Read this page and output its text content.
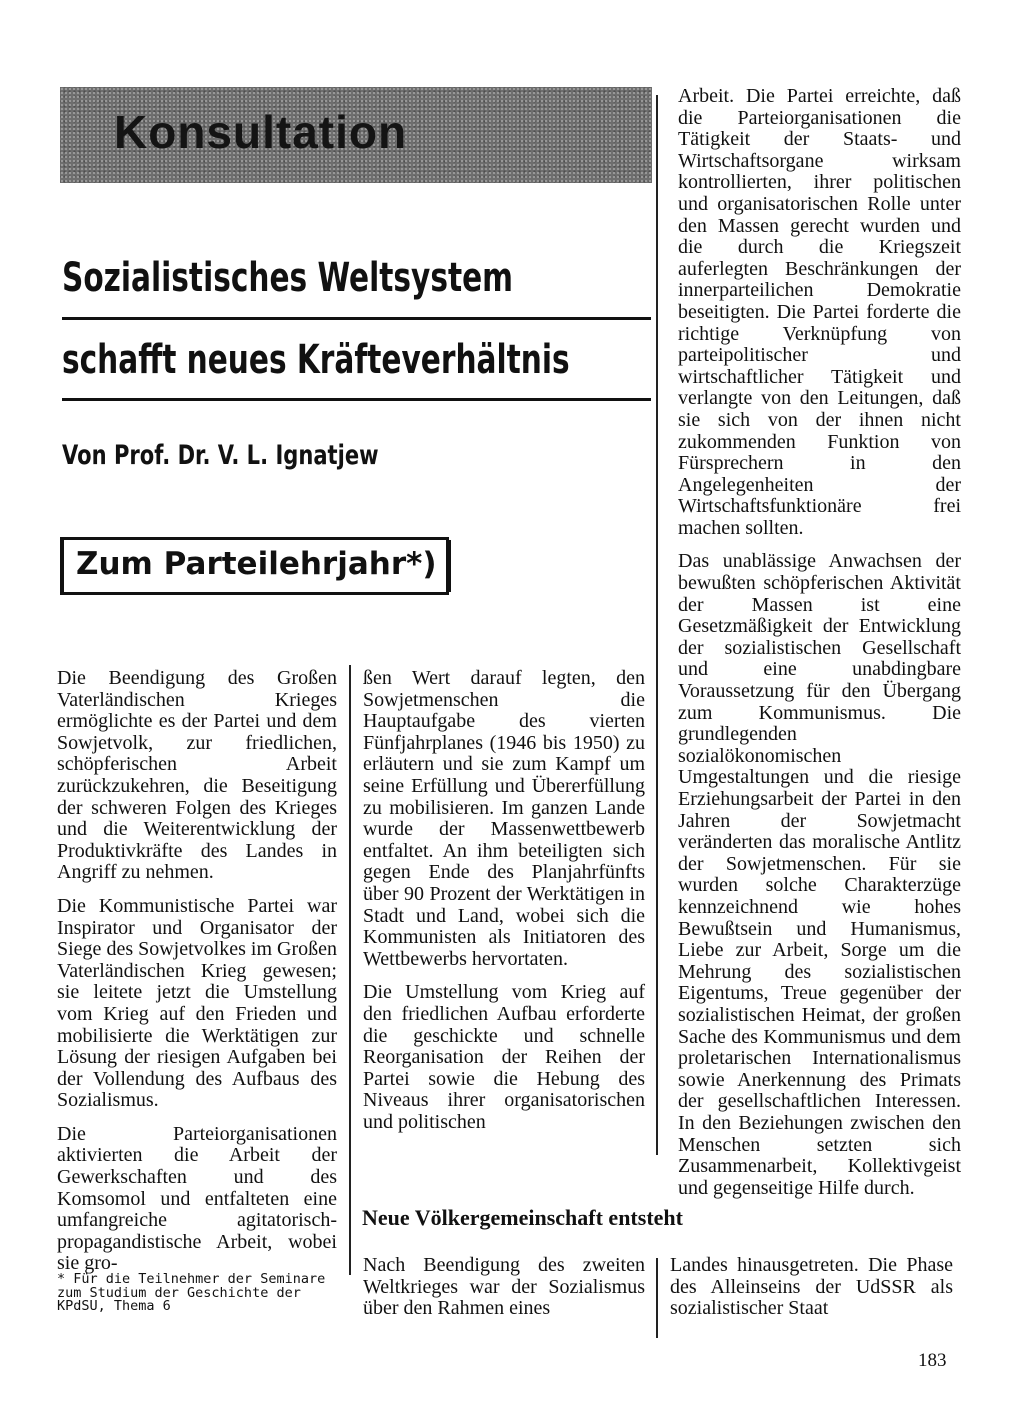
Konsultation
Sozialistisches Weltsystem
schafft neues Kräfteverhältnis
Von Prof. Dr. V. L. Ignatjew
Zum Parteilehrjahr*)

Die Beendigung des Großen Vaterländischen Krieges ermöglichte es der Partei und dem Sowjetvolk, zur friedlichen, schöpferischen Arbeit zurückzukehren, die Beseitigung der schweren Folgen des Krieges und die Weiterentwicklung der Produktivkräfte des Landes in Angriff zu nehmen.

Die Kommunistische Partei war Inspirator und Organisator der Siege des Sowjetvolkes im Großen Vaterländischen Krieg gewesen; sie leitete jetzt die Umstellung vom Krieg auf den Frieden und mobilisierte die Werktätigen zur Lösung der riesigen Aufgaben bei der Vollendung des Aufbaus des Sozialismus.

Die Parteiorganisationen aktivierten die Arbeit der Gewerkschaften und des Komsomol und entfalteten eine umfangreiche agitatorisch-propagandistische Arbeit, wobei sie gro-

ßen Wert darauf legten, den Sowjetmenschen die Hauptaufgabe des vierten Fünfjahrplanes (1946 bis 1950) zu erläutern und sie zum Kampf um seine Erfüllung und Übererfüllung zu mobilisieren. Im ganzen Lande wurde der Massenwettbewerb entfaltet. An ihm beteiligten sich gegen Ende des Planjahrfünfts über 90 Prozent der Werktätigen in Stadt und Land, wobei sich die Kommunisten als Initiatoren des Wettbewerbs hervortaten.

Die Umstellung vom Krieg auf den friedlichen Aufbau erforderte die geschickte und schnelle Reorganisation der Reihen der Partei sowie die Hebung des Niveaus ihrer organisatorischen und politischen

Arbeit. Die Partei erreichte, daß die Parteiorganisationen die Tätigkeit der Staats- und Wirtschaftsorgane wirksam kontrollierten, ihrer politischen und organisatorischen Rolle unter den Massen gerecht wurden und die durch die Kriegszeit auferlegten Beschränkungen der innerparteilichen Demokratie beseitigten. Die Partei forderte die richtige Verknüpfung von parteipolitischer und wirtschaftlicher Tätigkeit und verlangte von den Leitungen, daß sie sich von der ihnen nicht zukommenden Funktion von Fürsprechern in den Angelegenheiten der Wirtschaftsfunktionäre frei machen sollten.

Das unablässige Anwachsen der bewußten schöpferischen Aktivität der Massen ist eine Gesetzmäßigkeit der Entwicklung der sozialistischen Gesellschaft und eine unabdingbare Voraussetzung für den Übergang zum Kommunismus. Die grundlegenden sozialökonomischen Umgestaltungen und die riesige Erziehungsarbeit der Partei in den Jahren der Sowjetmacht veränderten das moralische Antlitz der Sowjetmenschen. Für sie wurden solche Charakterzüge kennzeichnend wie hohes Bewußtsein und Humanismus, Liebe zur Arbeit, Sorge um die Mehrung des sozialistischen Eigentums, Treue gegenüber der sozialistischen Heimat, der großen Sache des Kommunismus und dem proletarischen Internationalismus sowie Anerkennung des Primats der gesellschaftlichen Interessen. In den Beziehungen zwischen den Menschen setzten sich Zusammenarbeit, Kollektivgeist und gegenseitige Hilfe durch.

Neue Völkergemeinschaft entsteht

Nach Beendigung des zweiten Weltkrieges war der Sozialismus über den Rahmen eines

Landes hinausgetreten. Die Phase des Alleinseins der UdSSR als sozialistischer Staat

* Für die Teilnehmer der Seminare zum Studium der Geschichte der KPdSU, Thema 6

183
